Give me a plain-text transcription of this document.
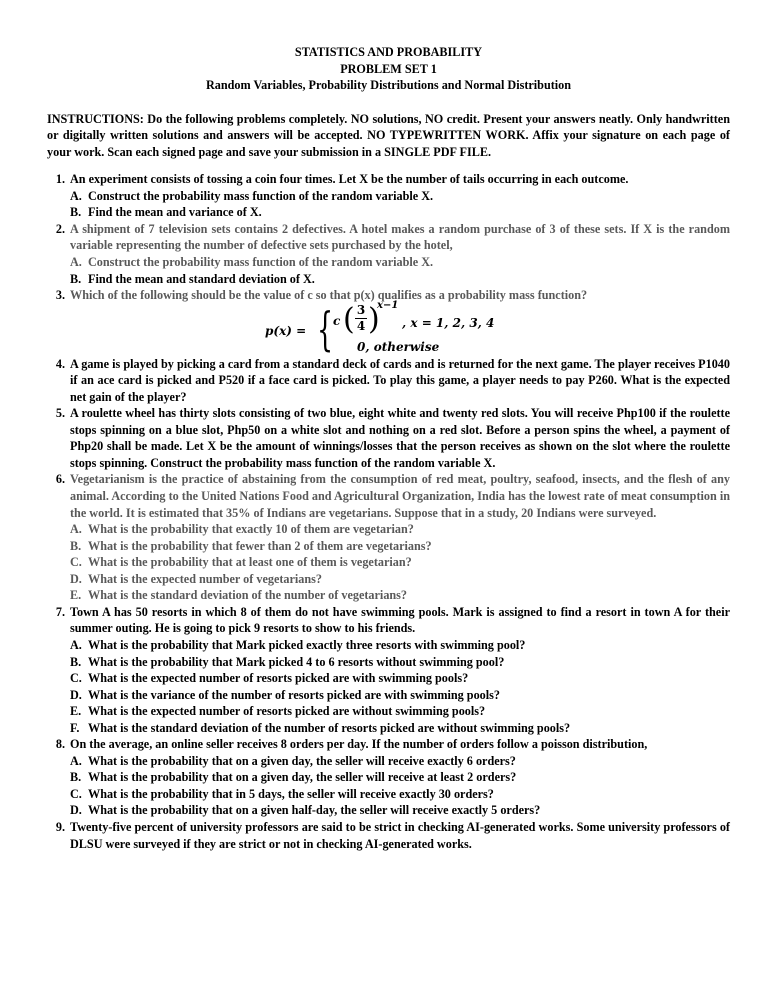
STATISTICS AND PROBABILITY
PROBLEM SET 1
Random Variables, Probability Distributions and Normal Distribution
INSTRUCTIONS: Do the following problems completely. NO solutions, NO credit. Present your answers neatly. Only handwritten or digitally written solutions and answers will be accepted. NO TYPEWRITTEN WORK. Affix your signature on each page of your work. Scan each signed page and save your submission in a SINGLE PDF FILE.
1. An experiment consists of tossing a coin four times. Let X be the number of tails occurring in each outcome.
A. Construct the probability mass function of the random variable X.
B. Find the mean and variance of X.
2. A shipment of 7 television sets contains 2 defectives. A hotel makes a random purchase of 3 of these sets. If X is the random variable representing the number of defective sets purchased by the hotel,
A. Construct the probability mass function of the random variable X.
B. Find the mean and standard deviation of X.
3. Which of the following should be the value of c so that p(x) qualifies as a probability mass function?
p(x) = { c ( 3
4 )
x−1
, x = 1, 2, 3, 4
0, otherwise
4. A game is played by picking a card from a standard deck of cards and is returned for the next game. The player receives P1040 if an ace card is picked and P520 if a face card is picked. To play this game, a player needs to pay P260. What is the expected net gain of the player?
5. A roulette wheel has thirty slots consisting of two blue, eight white and twenty red slots. You will receive Php100 if the roulette stops spinning on a blue slot, Php50 on a white slot and nothing on a red slot. Before a person spins the wheel, a payment of Php20 shall be made. Let X be the amount of winnings/losses that the person receives as shown on the slot where the roulette stops spinning. Construct the probability mass function of the random variable X.
6. Vegetarianism is the practice of abstaining from the consumption of red meat, poultry, seafood, insects, and the flesh of any animal. According to the United Nations Food and Agricultural Organization, India has the lowest rate of meat consumption in the world. It is estimated that 35% of Indians are vegetarians. Suppose that in a study, 20 Indians were surveyed.
A. What is the probability that exactly 10 of them are vegetarian?
B. What is the probability that fewer than 2 of them are vegetarians?
C. What is the probability that at least one of them is vegetarian?
D. What is the expected number of vegetarians?
E. What is the standard deviation of the number of vegetarians?
7. Town A has 50 resorts in which 8 of them do not have swimming pools. Mark is assigned to find a resort in town A for their summer outing. He is going to pick 9 resorts to show to his friends.
A. What is the probability that Mark picked exactly three resorts with swimming pool?
B. What is the probability that Mark picked 4 to 6 resorts without swimming pool?
C. What is the expected number of resorts picked are with swimming pools?
D. What is the variance of the number of resorts picked are with swimming pools?
E. What is the expected number of resorts picked are without swimming pools?
F. What is the standard deviation of the number of resorts picked are without swimming pools?
8. On the average, an online seller receives 8 orders per day. If the number of orders follow a poisson distribution,
A. What is the probability that on a given day, the seller will receive exactly 6 orders?
B. What is the probability that on a given day, the seller will receive at least 2 orders?
C. What is the probability that in 5 days, the seller will receive exactly 30 orders?
D. What is the probability that on a given half-day, the seller will receive exactly 5 orders?
9. Twenty-five percent of university professors are said to be strict in checking AI-generated works. Some university professors of DLSU were surveyed if they are strict or not in checking AI-generated works.
